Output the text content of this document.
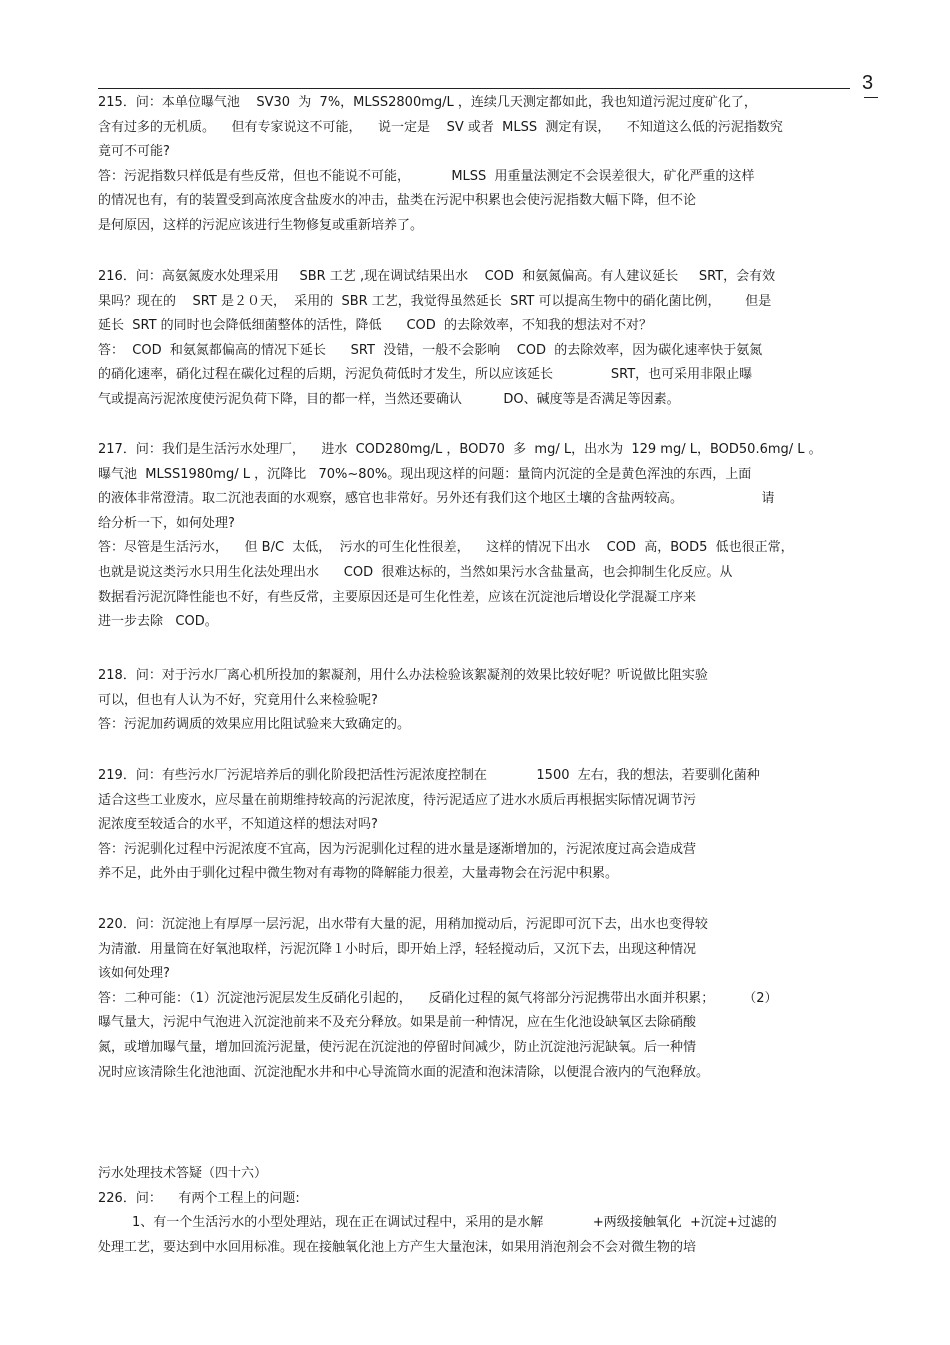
3
215．问：本单位曝气池    SV30  为  7%，MLSS2800mg/L ，连续几天测定都如此，我也知道污泥过度矿化了，
含有过多的无机质。    但有专家说这不可能，    说一定是    SV 或者  MLSS  测定有误，    不知道这么低的污泥指数究
竟可不可能?
答：污泥指数只样低是有些反常，但也不能说不可能，          MLSS  用重量法测定不会误差很大，矿化严重的这样
的情况也有，有的装置受到高浓度含盐废水的冲击，盐类在污泥中积累也会使污泥指数大幅下降，但不论
是何原因，这样的污泥应该进行生物修复或重新培养了。
216．问：高氨氮废水处理采用     SBR 工艺 ,现在调试结果出水    COD  和氨氮偏高。有人建议延长     SRT，会有效
果吗？现在的    SRT 是２０天，  采用的  SBR 工艺，我觉得虽然延长  SRT 可以提高生物中的硝化菌比例，      但是
延长  SRT 的同时也会降低细菌整体的活性，降低      COD  的去除效率，不知我的想法对不对？
答：  COD  和氨氮都偏高的情况下延长      SRT  没错，一般不会影响    COD  的去除效率，因为碳化速率快于氨氮
的硝化速率，硝化过程在碳化过程的后期，污泥负荷低时才发生，所以应该延长              SRT，也可采用非限止曝
气或提高污泥浓度使污泥负荷下降，目的都一样，当然还要确认          DO、碱度等是否满足等因素。
217．问：我们是生活污水处理厂，    进水  COD280mg/L ，BOD70  多  mg/ L，出水为  129 mg/ L，BOD50.6mg/ L 。
曝气池  MLSS1980mg/ L ，沉降比   70%~80%。现出现这样的问题：量筒内沉淀的全是黄色浑浊的东西，上面
的液体非常澄清。取二沉池表面的水观察，感官也非常好。另外还有我们这个地区土壤的含盐两较高。                   请
给分析一下，如何处理?
答：尽管是生活污水，    但 B/C  太低，  污水的可生化性很差，    这样的情况下出水    COD  高，BOD5  低也很正常，
也就是说这类污水只用生化法处理出水      COD  很难达标的，当然如果污水含盐量高，也会抑制生化反应。从
数据看污泥沉降性能也不好，有些反常，主要原因还是可生化性差，应该在沉淀池后增设化学混凝工序来
进一步去除   COD。
218．问：对于污水厂离心机所投加的絮凝剂，用什么办法检验该絮凝剂的效果比较好呢？听说做比阻实验
可以，但也有人认为不好，究竟用什么来检验呢?
答：污泥加药调质的效果应用比阻试验来大致确定的。
219．问：有些污水厂污泥培养后的驯化阶段把活性污泥浓度控制在            1500  左右，我的想法，若要驯化菌种
适合这些工业废水，应尽量在前期维持较高的污泥浓度，待污泥适应了进水水质后再根据实际情况调节污
泥浓度至较适合的水平，不知道这样的想法对吗?
答：污泥驯化过程中污泥浓度不宜高，因为污泥驯化过程的进水量是逐渐增加的，污泥浓度过高会造成营
养不足，此外由于驯化过程中微生物对有毒物的降解能力很差，大量毒物会在污泥中积累。
220．问：沉淀池上有厚厚一层污泥，出水带有大量的泥，用稍加搅动后，污泥即可沉下去，出水也变得较
为清澈．用量筒在好氧池取样，污泥沉降１小时后，即开始上浮，轻轻搅动后，又沉下去，出现这种情况
该如何处理?
答：二种可能：（1）沉淀池污泥层发生反硝化引起的，    反硝化过程的氮气将部分污泥携带出水面并积累；       （2）
曝气量大，污泥中气泡进入沉淀池前来不及充分释放。如果是前一种情况，应在生化池设缺氧区去除硝酸
氮，或增加曝气量，增加回流污泥量，使污泥在沉淀池的停留时间减少，防止沉淀池污泥缺氧。后一种情
况时应该清除生化池池面、沉淀池配水井和中心导流筒水面的泥渣和泡沫清除，以便混合液内的气泡释放。
污水处理技术答疑（四十六）
226．问：    有两个工程上的问题:
1、有一个生活污水的小型处理站，现在正在调试过程中，采用的是水解            +两级接触氧化  +沉淀+过滤的
处理工艺，要达到中水回用标准。现在接触氧化池上方产生大量泡沫，如果用消泡剂会不会对微生物的培
